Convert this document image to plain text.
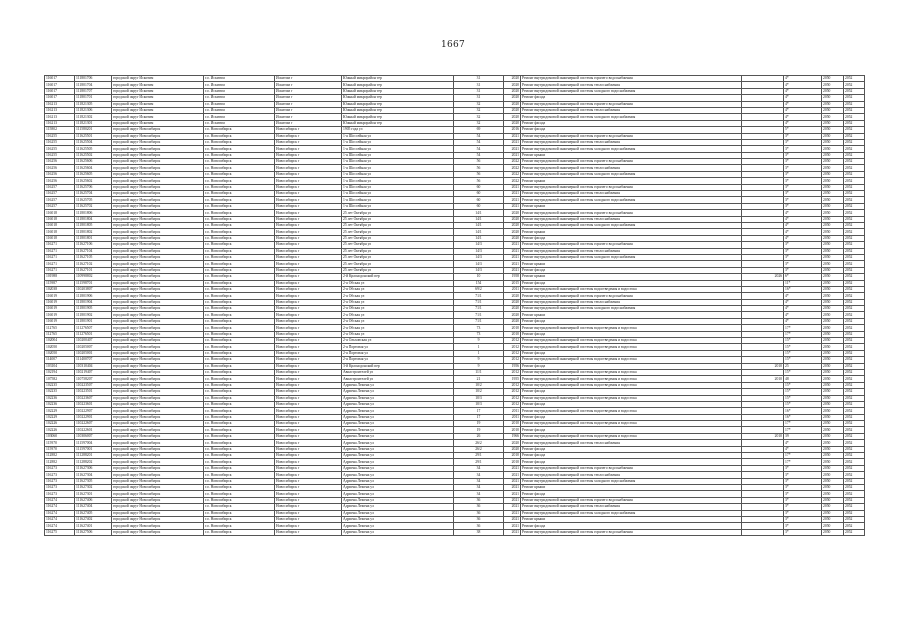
1667
116017	111801706	городской округ Искитим	г.о. Искитим	Искитим г	Южный микрорайон тер	31	2020	Ремонт внутридомовой инженерной системы горячего водоснабжения		4*	2050	2052
116017	111801704	городской округ Искитим	г.о. Искитим	Искитим г	Южный микрорайон тер	31	2020	Ремонт внутридомовой инженерной системы теплоснабжения		4*	2050	2052
116017	111801707	городской округ Искитим	г.о. Искитим	Искитим г	Южный микрорайон тер	31	2020	Ремонт внутридомовой инженерной системы холодного водоснабжения		4*	2050	2052
116017	111801701	городской округ Искитим	г.о. Искитим	Искитим г	Южный микрорайон тер	31	2020	Ремонт фасада		4*	2050	2052
116213	111821305	городской округ Искитим	г.о. Искитим	Искитим г	Южный микрорайон тер	32	2020	Ремонт внутридомовой инженерной системы горячего водоснабжения		4*	2050	2052
116213	111821306	городской округ Искитим	г.о. Искитим	Искитим г	Южный микрорайон тер	32	2020	Ремонт внутридомовой инженерной системы теплоснабжения		4*	2050	2052
116213	111821302	городской округ Искитим	г.о. Искитим	Искитим г	Южный микрорайон тер	32	2020	Ремонт внутридомовой инженерной системы холодного водоснабжения		4*	2050	2052
116213	111821301	городской округ Искитим	г.о. Искитим	Искитим г	Южный микрорайон тер	32	2020	Ремонт фасада		4*	2050	2052
115802	111580201	городской округ Новосибирск	г.о. Новосибирск	Новосибирск г	1905 года ул	69	2016	Ремонт фасада		5*	2050	2052
116255	111625501	городской округ Новосибирск	г.о. Новосибирск	Новосибирск г	1-я Шоссейная ул	54	2021	Ремонт внутридомовой инженерной системы горячего водоснабжения		3*	2050	2052
116255	111625504	городской округ Новосибирск	г.о. Новосибирск	Новосибирск г	1-я Шоссейная ул	54	2021	Ремонт внутридомовой инженерной системы теплоснабжения		3*	2050	2052
116255	111625505	городской округ Новосибирск	г.о. Новосибирск	Новосибирск г	1-я Шоссейная ул	54	2021	Ремонт внутридомовой инженерной системы холодного водоснабжения		3*	2050	2052
116255	111625502	городской округ Новосибирск	г.о. Новосибирск	Новосибирск г	1-я Шоссейная ул	54	2021	Ремонт крыши		3*	2050	2052
116256	111625606	городской округ Новосибирск	г.о. Новосибирск	Новосибирск г	1-я Шоссейная ул	56	2022	Ремонт внутридомовой инженерной системы горячего водоснабжения		3*	2050	2052
116256	111625604	городской округ Новосибирск	г.о. Новосибирск	Новосибирск г	1-я Шоссейная ул	56	2022	Ремонт внутридомовой инженерной системы теплоснабжения		3*	2050	2052
116256	111625605	городской округ Новосибирск	г.о. Новосибирск	Новосибирск г	1-я Шоссейная ул	56	2022	Ремонт внутридомовой инженерной системы холодного водоснабжения		3*	2050	2052
116256	111625602	городской округ Новосибирск	г.о. Новосибирск	Новосибирск г	1-я Шоссейная ул	56	2022	Ремонт крыши		3*	2050	2052
116257	111625706	городской округ Новосибирск	г.о. Новосибирск	Новосибирск г	1-я Шоссейная ул	60	2021	Ремонт внутридомовой инженерной системы горячего водоснабжения		3*	2050	2052
116257	111625704	городской округ Новосибирск	г.о. Новосибирск	Новосибирск г	1-я Шоссейная ул	60	2021	Ремонт внутридомовой инженерной системы теплоснабжения		3*	2050	2052
116257	111625705	городской округ Новосибирск	г.о. Новосибирск	Новосибирск г	1-я Шоссейная ул	60	2021	Ремонт внутридомовой инженерной системы холодного водоснабжения		3*	2050	2052
116257	111625702	городской округ Новосибирск	г.о. Новосибирск	Новосибирск г	1-я Шоссейная ул	60	2021	Ремонт крыши		3*	2050	2052
116018	111801806	городской округ Новосибирск	г.о. Новосибирск	Новосибирск г	25 лет Октября ул	14/1	2020	Ремонт внутридомовой инженерной системы горячего водоснабжения		4*	2050	2052
116018	111801804	городской округ Новосибирск	г.о. Новосибирск	Новосибирск г	25 лет Октября ул	14/1	2020	Ремонт внутридомовой инженерной системы теплоснабжения		4*	2050	2052
116018	111801805	городской округ Новосибирск	г.о. Новосибирск	Новосибирск г	25 лет Октября ул	14/1	2020	Ремонт внутридомовой инженерной системы холодного водоснабжения		4*	2050	2052
116018	111801802	городской округ Новосибирск	г.о. Новосибирск	Новосибирск г	25 лет Октября ул	14/1	2020	Ремонт крыши		4*	2050	2052
116018	111801801	городской округ Новосибирск	г.о. Новосибирск	Новосибирск г	25 лет Октября ул	14/1	2020	Ремонт фасада		4*	2050	2052
116271	111627106	городской округ Новосибирск	г.о. Новосибирск	Новосибирск г	25 лет Октября ул	14/3	2021	Ремонт внутридомовой инженерной системы горячего водоснабжения		3*	2050	2052
116271	111627104	городской округ Новосибирск	г.о. Новосибирск	Новосибирск г	25 лет Октября ул	14/3	2021	Ремонт внутридомовой инженерной системы теплоснабжения		3*	2050	2052
116271	111627105	городской округ Новосибирск	г.о. Новосибирск	Новосибирск г	25 лет Октября ул	14/3	2021	Ремонт внутридомовой инженерной системы холодного водоснабжения		3*	2050	2052
116271	111627102	городской округ Новосибирск	г.о. Новосибирск	Новосибирск г	25 лет Октября ул	14/3	2021	Ремонт крыши		3*	2050	2052
116271	111627101	городской округ Новосибирск	г.о. Новосибирск	Новосибирск г	25 лет Октября ул	14/3	2021	Ремонт фасада		3*	2050	2052
101988	110998802	городской округ Новосибирск	г.о. Новосибирск	Новосибирск г	2-й Краснодонский пер	10	1958	Ремонт крыши	2026	6*	2050	2052
115987	111598701	городской округ Новосибирск	г.о. Новосибирск	Новосибирск г	2-я Обская ул	154	2015	Ремонт фасада		11*	2050	2052
102038	110203807	городской округ Новосибирск	г.о. Новосибирск	Новосибирск г	2-я Обская ул	69/2	2011	Ремонт внутридомовой инженерной системы водоотведения и водостока		16*	2050	2052
116019	111801906	городской округ Новосибирск	г.о. Новосибирск	Новосибирск г	2-я Обская ул	71/1	2020	Ремонт внутридомовой инженерной системы горячего водоснабжения		4*	2050	2052
116019	111801904	городской округ Новосибирск	г.о. Новосибирск	Новосибирск г	2-я Обская ул	71/1	2020	Ремонт внутридомовой инженерной системы теплоснабжения		4*	2050	2052
116019	111801905	городской округ Новосибирск	г.о. Новосибирск	Новосибирск г	2-я Обская ул	71/1	2020	Ремонт внутридомовой инженерной системы холодного водоснабжения		4*	2050	2052
116019	111801902	городской округ Новосибирск	г.о. Новосибирск	Новосибирск г	2-я Обская ул	71/1	2020	Ремонт крыши		4*	2050	2052
116019	111801901	городской округ Новосибирск	г.о. Новосибирск	Новосибирск г	2-я Обская ул	71/1	2020	Ремонт фасада		4*	2050	2052
112765	111276507	городской округ Новосибирск	г.о. Новосибирск	Новосибирск г	2-я Обская ул	73	2010	Ремонт внутридомовой инженерной системы водоотведения и водостока		17*	2050	2052
112765	111276501	городской округ Новосибирск	г.о. Новосибирск	Новосибирск г	2-я Обская ул	73	2010	Ремонт фасада		17*	2050	2052
102004	110200407	городской округ Новосибирск	г.о. Новосибирск	Новосибирск г	2-я Ольховская ул	9	2012	Ремонт внутридомовой инженерной системы водоотведения и водостока		15*	2050	2052
102050	110205007	городской округ Новосибирск	г.о. Новосибирск	Новосибирск г	2-я Портовая ул	1	2012	Ремонт внутридомовой инженерной системы водоотведения и водостока		15*	2050	2052
102050	110205001	городской округ Новосибирск	г.о. Новосибирск	Новосибирск г	2-я Портовая ул	1	2012	Ремонт фасада		15*	2050	2052
114007	111400707	городской округ Новосибирск	г.о. Новосибирск	Новосибирск г	2-я Портовая ул	9	2012	Ремонт внутридомовой инженерной системы водоотведения и водостока		15*	2050	2052
103104	110310404	городской округ Новосибирск	г.о. Новосибирск	Новосибирск г	3-й Краснодонский пер	9	1956	Ремонт фасада	2010	25	2050	2052
102194	110219407	городской округ Новосибирск	г.о. Новосибирск	Новосибирск г	Авиастроителей ул	11/1	2012	Ремонт внутридомовой инженерной системы водоотведения и водостока		15*	2050	2052
107582	110758207	городской округ Новосибирск	г.о. Новосибирск	Новосибирск г	Авиастроителей ул	21	1955	Ремонт внутридомовой инженерной системы водоотведения и водостока	2010	48	2050	2052
102235	110223507	городской округ Новосибирск	г.о. Новосибирск	Новосибирск г	Адриена Лежена ул	10/2	2012	Ремонт внутридомовой инженерной системы водоотведения и водостока		15*	2050	2052
102235	110223501	городской округ Новосибирск	г.о. Новосибирск	Новосибирск г	Адриена Лежена ул	10/2	2012	Ремонт фасада		15*	2050	2052
102236	110223607	городской округ Новосибирск	г.о. Новосибирск	Новосибирск г	Адриена Лежена ул	10/3	2012	Ремонт внутридомовой инженерной системы водоотведения и водостока		15*	2050	2052
102236	110223601	городской округ Новосибирск	г.о. Новосибирск	Новосибирск г	Адриена Лежена ул	10/3	2012	Ремонт фасада		15*	2050	2052
102229	110222907	городской округ Новосибирск	г.о. Новосибирск	Новосибирск г	Адриена Лежена ул	17	2011	Ремонт внутридомовой инженерной системы водоотведения и водостока		16*	2050	2052
102229	110222901	городской округ Новосибирск	г.о. Новосибирск	Новосибирск г	Адриена Лежена ул	17	2011	Ремонт фасада		16*	2050	2052
102226	110222607	городской округ Новосибирск	г.о. Новосибирск	Новосибирск г	Адриена Лежена ул	19	2010	Ремонт внутридомовой инженерной системы водоотведения и водостока		17*	2050	2052
102226	110222601	городской округ Новосибирск	г.о. Новосибирск	Новосибирск г	Адриена Лежена ул	19	2010	Ремонт фасада		17*	2050	2052
103060	110306007	городской округ Новосибирск	г.о. Новосибирск	Новосибирск г	Адриена Лежена ул	26	1966	Ремонт внутридомовой инженерной системы водоотведения и водостока	2010	39	2050	2052
115970	111597004	городской округ Новосибирск	г.о. Новосибирск	Новосибирск г	Адриена Лежена ул	26/2	2020	Ремонт внутридомовой инженерной системы теплоснабжения		4*	2050	2052
115970	111597001	городской округ Новосибирск	г.о. Новосибирск	Новосибирск г	Адриена Лежена ул	26/2	2020	Ремонт фасада		4*	2050	2052
112882	111288201	городской округ Новосибирск	г.о. Новосибирск	Новосибирск г	Адриена Лежена ул	29/1	2010	Ремонт фасада		17*	2050	2052
112882	111288202	городской округ Новосибирск	г.о. Новосибирск	Новосибирск г	Адриена Лежена ул	29/1	2010	Ремонт фасада		17*	2050	2052
116273	111627306	городской округ Новосибирск	г.о. Новосибирск	Новосибирск г	Адриена Лежена ул	34	2021	Ремонт внутридомовой инженерной системы горячего водоснабжения		3*	2050	2052
116273	111627304	городской округ Новосибирск	г.о. Новосибирск	Новосибирск г	Адриена Лежена ул	34	2021	Ремонт внутридомовой инженерной системы теплоснабжения		3*	2050	2052
116273	111627305	городской округ Новосибирск	г.о. Новосибирск	Новосибирск г	Адриена Лежена ул	34	2021	Ремонт внутридомовой инженерной системы холодного водоснабжения		3*	2050	2052
116273	111627302	городской округ Новосибирск	г.о. Новосибирск	Новосибирск г	Адриена Лежена ул	34	2021	Ремонт крыши		3*	2050	2052
116273	111627301	городской округ Новосибирск	г.о. Новосибирск	Новосибирск г	Адриена Лежена ул	34	2021	Ремонт фасада		3*	2050	2052
116274	111627406	городской округ Новосибирск	г.о. Новосибирск	Новосибирск г	Адриена Лежена ул	36	2021	Ремонт внутридомовой инженерной системы горячего водоснабжения		3*	2050	2052
116274	111627404	городской округ Новосибирск	г.о. Новосибирск	Новосибирск г	Адриена Лежена ул	36	2021	Ремонт внутридомовой инженерной системы теплоснабжения		3*	2050	2052
116274	111627405	городской округ Новосибирск	г.о. Новосибирск	Новосибирск г	Адриена Лежена ул	36	2021	Ремонт внутридомовой инженерной системы холодного водоснабжения		3*	2050	2052
116274	111627402	городской округ Новосибирск	г.о. Новосибирск	Новосибирск г	Адриена Лежена ул	36	2021	Ремонт крыши		3*	2050	2052
116274	111627401	городской округ Новосибирск	г.о. Новосибирск	Новосибирск г	Адриена Лежена ул	36	2021	Ремонт фасада		3*	2050	2052
116275	111627506	городской округ Новосибирск	г.о. Новосибирск	Новосибирск г	Адриена Лежена ул	38	2021	Ремонт внутридомовой инженерной системы горячего водоснабжения		3*	2050	2052
